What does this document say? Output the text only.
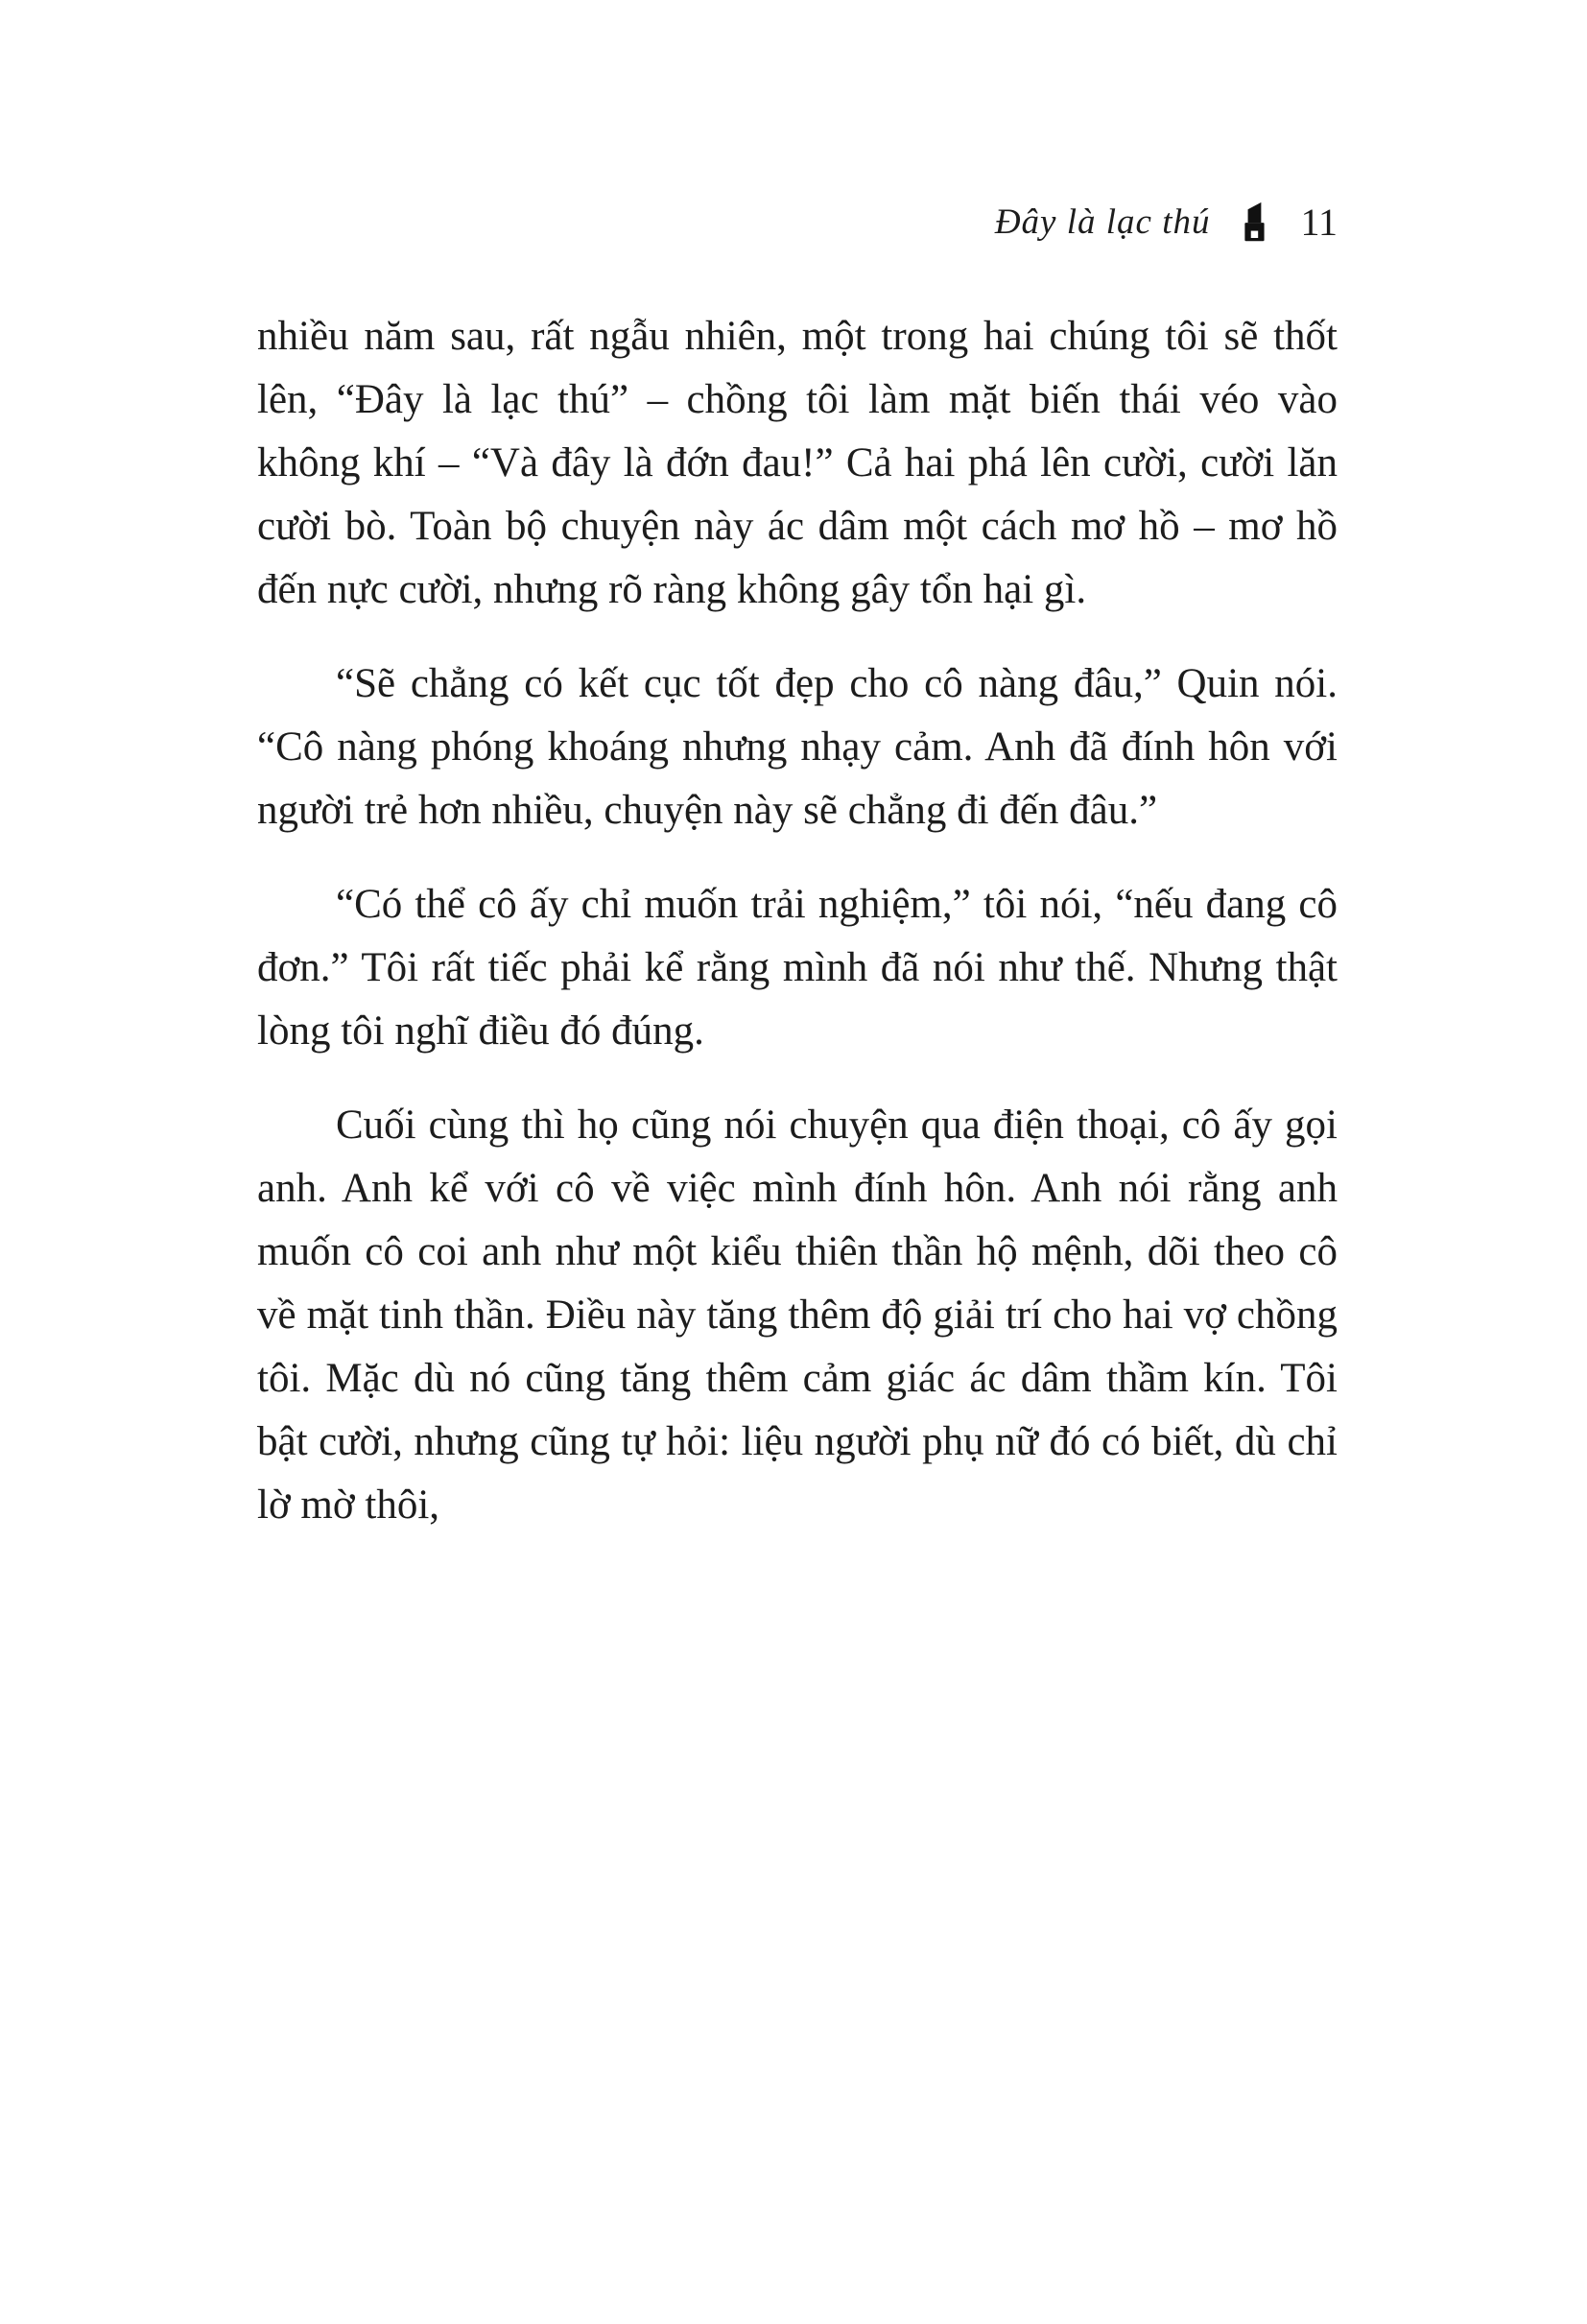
Đây là lạc thú 11

nhiều năm sau, rất ngẫu nhiên, một trong hai chúng tôi sẽ thốt lên, “Đây là lạc thú” – chồng tôi làm mặt biến thái véo vào không khí – “Và đây là đớn đau!” Cả hai phá lên cười, cười lăn cười bò. Toàn bộ chuyện này ác dâm một cách mơ hồ – mơ hồ đến nực cười, nhưng rõ ràng không gây tổn hại gì.

“Sẽ chẳng có kết cục tốt đẹp cho cô nàng đâu,” Quin nói. “Cô nàng phóng khoáng nhưng nhạy cảm. Anh đã đính hôn với người trẻ hơn nhiều, chuyện này sẽ chẳng đi đến đâu.”

“Có thể cô ấy chỉ muốn trải nghiệm,” tôi nói, “nếu đang cô đơn.” Tôi rất tiếc phải kể rằng mình đã nói như thế. Nhưng thật lòng tôi nghĩ điều đó đúng.

Cuối cùng thì họ cũng nói chuyện qua điện thoại, cô ấy gọi anh. Anh kể với cô về việc mình đính hôn. Anh nói rằng anh muốn cô coi anh như một kiểu thiên thần hộ mệnh, dõi theo cô về mặt tinh thần. Điều này tăng thêm độ giải trí cho hai vợ chồng tôi. Mặc dù nó cũng tăng thêm cảm giác ác dâm thầm kín. Tôi bật cười, nhưng cũng tự hỏi: liệu người phụ nữ đó có biết, dù chỉ lờ mờ thôi,
